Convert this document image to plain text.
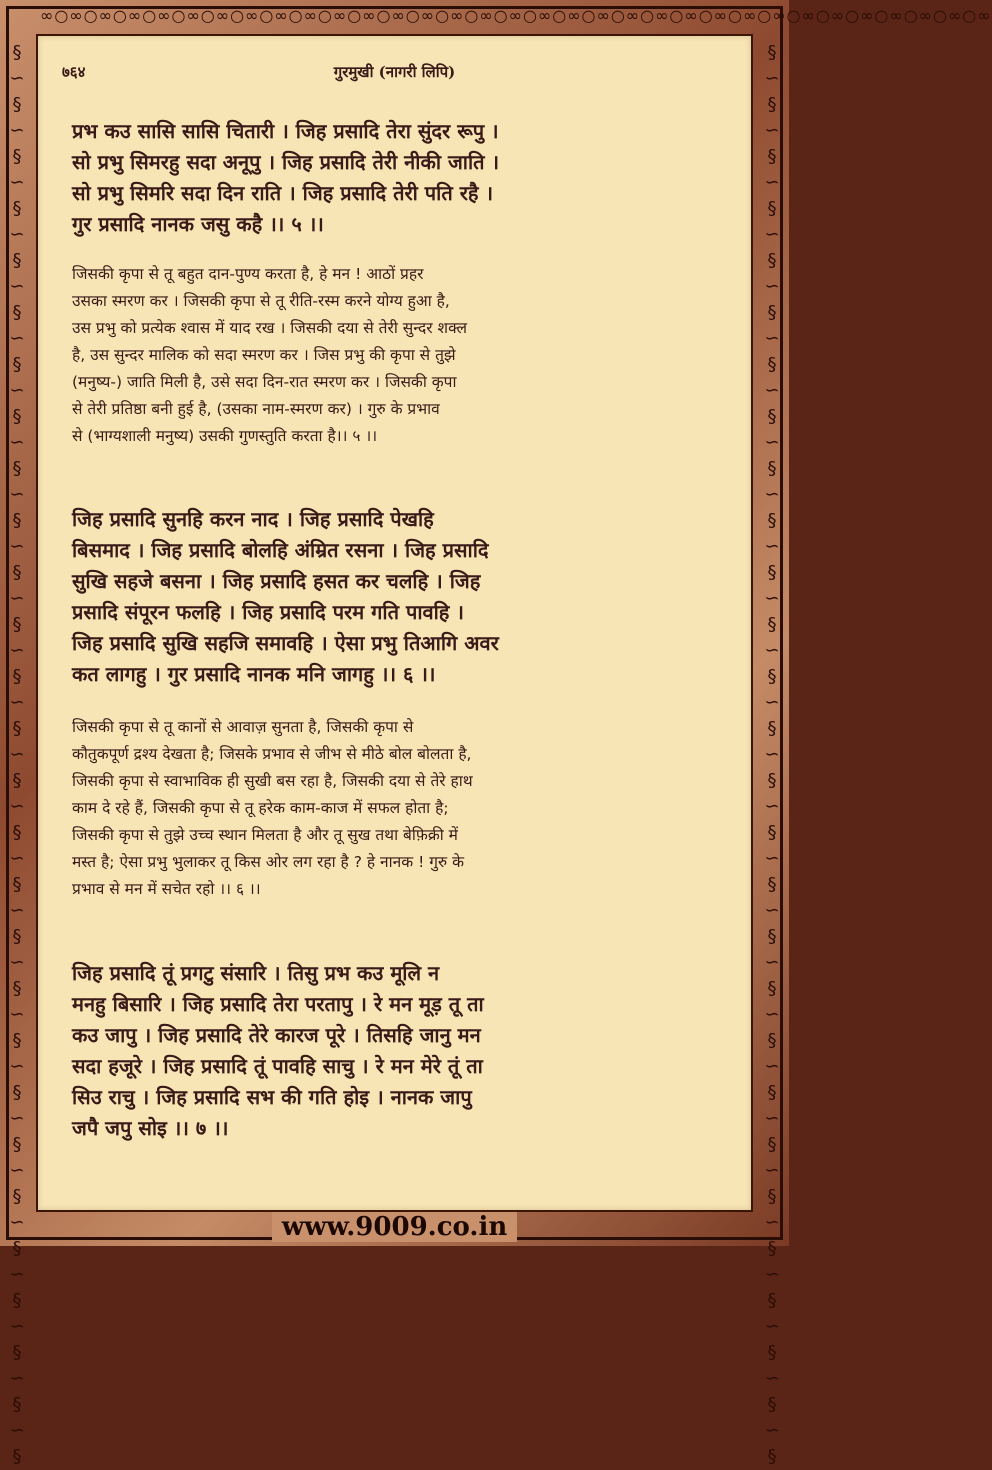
∞○∞○∞○∞○∞○∞○∞○∞○∞○∞○∞○∞○∞○∞○∞○∞○∞○∞○∞○∞○∞○∞○∞○∞○∞○∞○∞○∞○∞○∞○∞○∞○∞
§
∽
§
∽
§
∽
§
∽
§
∽
§
∽
§
∽
§
∽
§
∽
§
∽
§
∽
§
∽
§
∽
§
∽
§
∽
§
∽
§
∽
§
∽
§
∽
§
∽
§
∽
§
∽
§
∽
§
∽
§
∽
§
∽
§
∽
§
§
∽
§
∽
§
∽
§
∽
§
∽
§
∽
§
∽
§
∽
§
∽
§
∽
§
∽
§
∽
§
∽
§
∽
§
∽
§
∽
§
∽
§
∽
§
∽
§
∽
§
∽
§
∽
§
∽
§
∽
§
∽
§
∽
§
∽
§
७६४	गुरमुखी (नागरी लिपि)
प्रभ कउ सासि सासि चितारी । जिह प्रसादि तेरा सुंदर रूपु ।
सो प्रभु सिमरहु सदा अनूपु । जिह प्रसादि तेरी नीकी जाति ।
सो प्रभु सिमरि सदा दिन राति । जिह प्रसादि तेरी पति रहै ।
गुर प्रसादि नानक जसु कहै ।। ५ ।।
जिसकी कृपा से तू बहुत दान-पुण्य करता है, हे मन ! आठों प्रहर
उसका स्मरण कर । जिसकी कृपा से तू रीति-रस्म करने योग्य हुआ है,
उस प्रभु को प्रत्येक श्वास में याद रख । जिसकी दया से तेरी सुन्दर शक्ल
है, उस सुन्दर मालिक को सदा स्मरण कर । जिस प्रभु की कृपा से तुझे
(मनुष्य-) जाति मिली है, उसे सदा दिन-रात स्मरण कर । जिसकी कृपा
से तेरी प्रतिष्ठा बनी हुई है, (उसका नाम-स्मरण कर) । गुरु के प्रभाव
से (भाग्यशाली मनुष्य) उसकी गुणस्तुति करता है।। ५ ।।
जिह प्रसादि सुनहि करन नाद । जिह प्रसादि पेखहि
बिसमाद । जिह प्रसादि बोलहि अंम्रित रसना । जिह प्रसादि
सुखि सहजे बसना । जिह प्रसादि हसत कर चलहि । जिह
प्रसादि संपूरन फलहि । जिह प्रसादि परम गति पावहि ।
जिह प्रसादि सुखि सहजि समावहि । ऐसा प्रभु तिआगि अवर
कत लागहु । गुर प्रसादि नानक मनि जागहु ।। ६ ।।
जिसकी कृपा से तू कानों से आवाज़ सुनता है, जिसकी कृपा से
कौतुकपूर्ण द्रश्य देखता है; जिसके प्रभाव से जीभ से मीठे बोल बोलता है,
जिसकी कृपा से स्वाभाविक ही सुखी बस रहा है, जिसकी दया से तेरे हाथ
काम दे रहे हैं, जिसकी कृपा से तू हरेक काम-काज में सफल होता है;
जिसकी कृपा से तुझे उच्च स्थान मिलता है और तू सुख तथा बेफ़िक्री में
मस्त है; ऐसा प्रभु भुलाकर तू किस ओर लग रहा है ? हे नानक ! गुरु के
प्रभाव से मन में सचेत रहो ।। ६ ।।
जिह प्रसादि तूं प्रगटु संसारि । तिसु प्रभ कउ मूलि न
मनहु बिसारि । जिह प्रसादि तेरा परतापु । रे मन मूड़ तू ता
कउ जापु । जिह प्रसादि तेरे कारज पूरे । तिसहि जानु मन
सदा हजूरे । जिह प्रसादि तूं पावहि साचु । रे मन मेरे तूं ता
सिउ राचु । जिह प्रसादि सभ की गति होइ । नानक जापु
जपै जपु सोइ ।। ७ ।।
www.9009.co.in
